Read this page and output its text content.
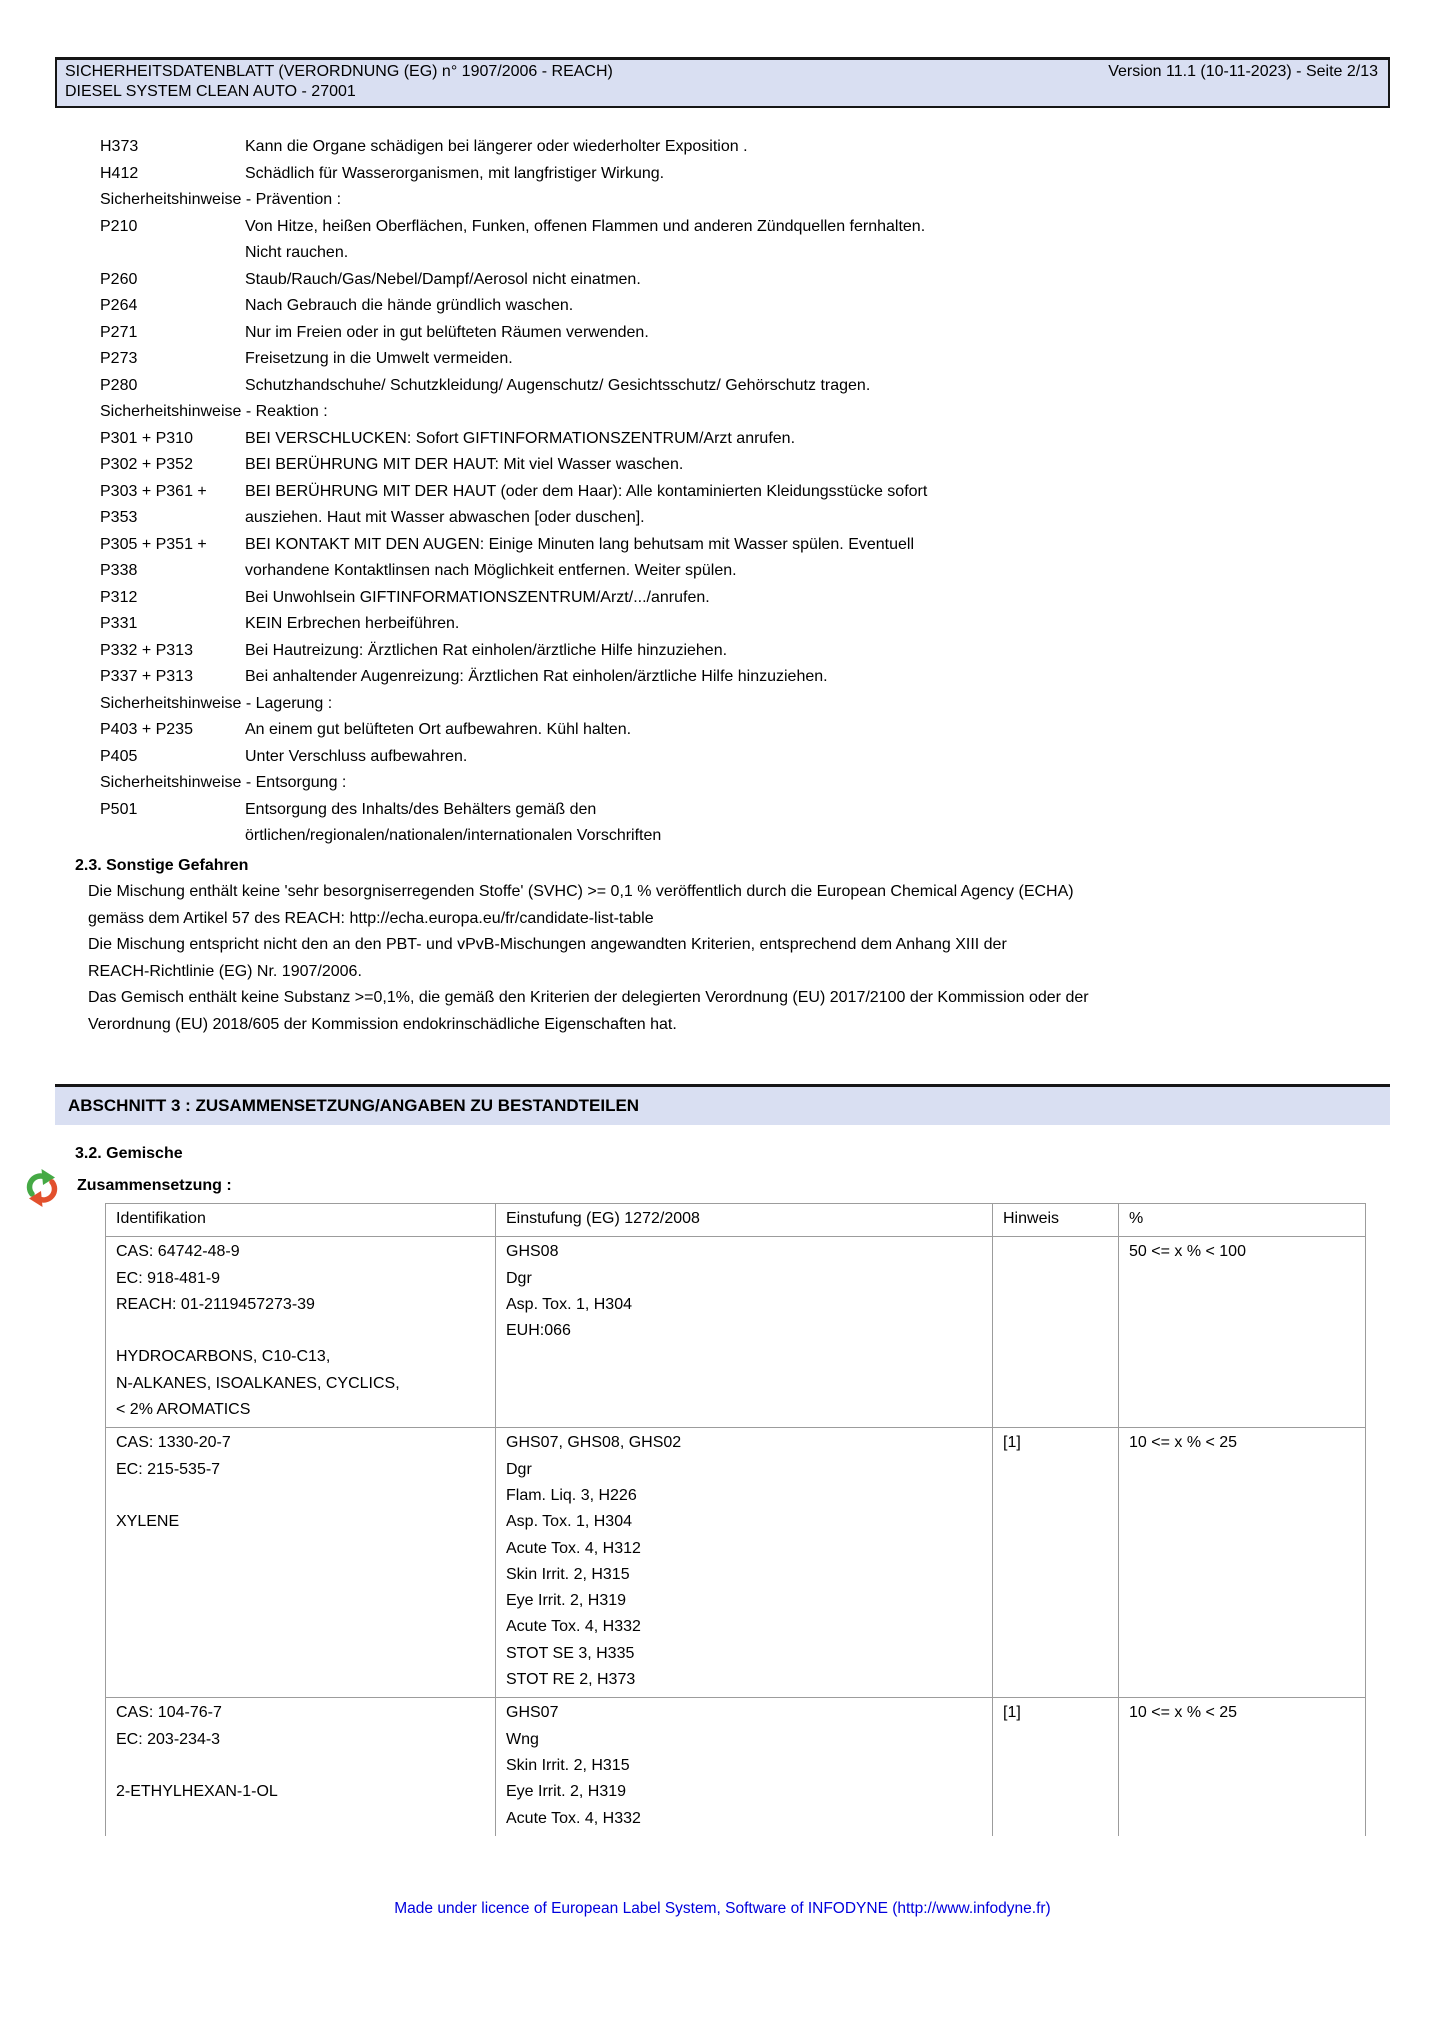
SICHERHEITSDATENBLATT (VERORDNUNG (EG) n° 1907/2006 - REACH)	Version 11.1 (10-11-2023) - Seite 2/13
DIESEL SYSTEM CLEAN AUTO - 27001
H373	Kann die Organe schädigen bei längerer oder wiederholter Exposition .
H412	Schädlich für Wasserorganismen, mit langfristiger Wirkung.
Sicherheitshinweise - Prävention :
P210	Von Hitze, heißen Oberflächen, Funken, offenen Flammen und anderen Zündquellen fernhalten.
Nicht rauchen.
P260	Staub/Rauch/Gas/Nebel/Dampf/Aerosol nicht einatmen.
P264	Nach Gebrauch die hände gründlich waschen.
P271	Nur im Freien oder in gut belüfteten Räumen verwenden.
P273	Freisetzung in die Umwelt vermeiden.
P280	Schutzhandschuhe/ Schutzkleidung/ Augenschutz/ Gesichtsschutz/ Gehörschutz tragen.
Sicherheitshinweise - Reaktion :
P301 + P310	BEI VERSCHLUCKEN: Sofort GIFTINFORMATIONSZENTRUM/Arzt anrufen.
P302 + P352	BEI BERÜHRUNG MIT DER HAUT: Mit viel Wasser waschen.
P303 + P361 + P353
BEI BERÜHRUNG MIT DER HAUT (oder dem Haar): Alle kontaminierten Kleidungsstücke sofort
ausziehen. Haut mit Wasser abwaschen [oder duschen].
P305 + P351 + P338
BEI KONTAKT MIT DEN AUGEN: Einige Minuten lang behutsam mit Wasser spülen. Eventuell
vorhandene Kontaktlinsen nach Möglichkeit entfernen. Weiter spülen.
P312	Bei Unwohlsein GIFTINFORMATIONSZENTRUM/Arzt/.../anrufen.
P331	KEIN Erbrechen herbeiführen.
P332 + P313	Bei Hautreizung: Ärztlichen Rat einholen/ärztliche Hilfe hinzuziehen.
P337 + P313	Bei anhaltender Augenreizung: Ärztlichen Rat einholen/ärztliche Hilfe hinzuziehen.
Sicherheitshinweise - Lagerung :
P403 + P235	An einem gut belüfteten Ort aufbewahren. Kühl halten.
P405	Unter Verschluss aufbewahren.
Sicherheitshinweise - Entsorgung :
P501	Entsorgung des Inhalts/des Behälters gemäß den
örtlichen/regionalen/nationalen/internationalen Vorschriften
2.3. Sonstige Gefahren
Die Mischung enthält keine 'sehr besorgniserregenden Stoffe' (SVHC) >= 0,1 % veröffentlich durch die European Chemical Agency (ECHA)
gemäss dem Artikel 57 des REACH: http://echa.europa.eu/fr/candidate-list-table
Die Mischung entspricht nicht den an den PBT- und vPvB-Mischungen angewandten Kriterien, entsprechend dem Anhang XIII der
REACH-Richtlinie (EG) Nr. 1907/2006.
Das Gemisch enthält keine Substanz >=0,1%, die gemäß den Kriterien der delegierten Verordnung (EU) 2017/2100 der Kommission oder der
Verordnung (EU) 2018/605 der Kommission endokrinschädliche Eigenschaften hat.
ABSCHNITT 3 : ZUSAMMENSETZUNG/ANGABEN ZU BESTANDTEILEN
3.2. Gemische
Zusammensetzung :
Identifikation	Einstufung (EG) 1272/2008	Hinweis	%

CAS: 64742-48-9
EC: 918-481-9
REACH: 01-2119457273-39
HYDROCARBONS, C10-C13,
N-ALKANES, ISOALKANES, CYCLICS,
< 2% AROMATICS

GHS08
Dgr
Asp. Tox. 1, H304
EUH:066
		50 <= x % < 100

CAS: 1330-20-7
EC: 215-535-7
XYLENE

GHS07, GHS08, GHS02
Dgr
Flam. Liq. 3, H226
Asp. Tox. 1, H304
Acute Tox. 4, H312
Skin Irrit. 2, H315
Eye Irrit. 2, H319
Acute Tox. 4, H332
STOT SE 3, H335
STOT RE 2, H373
	[1]	10 <= x % < 25

CAS: 104-76-7
EC: 203-234-3
2-ETHYLHEXAN-1-OL

GHS07
Wng
Skin Irrit. 2, H315
Eye Irrit. 2, H319
Acute Tox. 4, H332
	[1]	10 <= x % < 25
Made under licence of European Label System, Software of INFODYNE (http://www.infodyne.fr)
